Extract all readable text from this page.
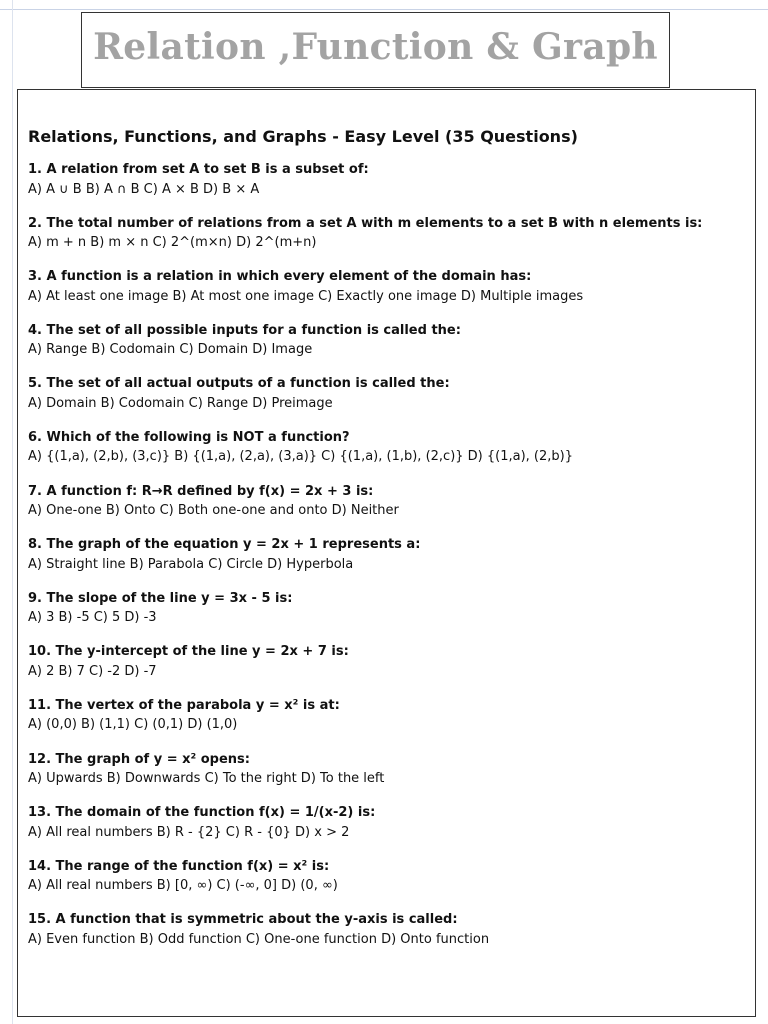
Relation ,Function & Graph
Relations, Functions, and Graphs - Easy Level (35 Questions)
1. A relation from set A to set B is a subset of:
A) A ∪ B B) A ∩ B C) A × B D) B × A
2. The total number of relations from a set A with m elements to a set B with n elements is:
A) m + n B) m × n C) 2^(m×n) D) 2^(m+n)
3. A function is a relation in which every element of the domain has:
A) At least one image B) At most one image C) Exactly one image D) Multiple images
4. The set of all possible inputs for a function is called the:
A) Range B) Codomain C) Domain D) Image
5. The set of all actual outputs of a function is called the:
A) Domain B) Codomain C) Range D) Preimage
6. Which of the following is NOT a function?
A) {(1,a), (2,b), (3,c)} B) {(1,a), (2,a), (3,a)} C) {(1,a), (1,b), (2,c)} D) {(1,a), (2,b)}
7. A function f: R→R defined by f(x) = 2x + 3 is:
A) One-one B) Onto C) Both one-one and onto D) Neither
8. The graph of the equation y = 2x + 1 represents a:
A) Straight line B) Parabola C) Circle D) Hyperbola
9. The slope of the line y = 3x - 5 is:
A) 3 B) -5 C) 5 D) -3
10. The y-intercept of the line y = 2x + 7 is:
A) 2 B) 7 C) -2 D) -7
11. The vertex of the parabola y = x² is at:
A) (0,0) B) (1,1) C) (0,1) D) (1,0)
12. The graph of y = x² opens:
A) Upwards B) Downwards C) To the right D) To the left
13. The domain of the function f(x) = 1/(x-2) is:
A) All real numbers B) R - {2} C) R - {0} D) x > 2
14. The range of the function f(x) = x² is:
A) All real numbers B) [0, ∞) C) (-∞, 0] D) (0, ∞)
15. A function that is symmetric about the y-axis is called:
A) Even function B) Odd function C) One-one function D) Onto function
